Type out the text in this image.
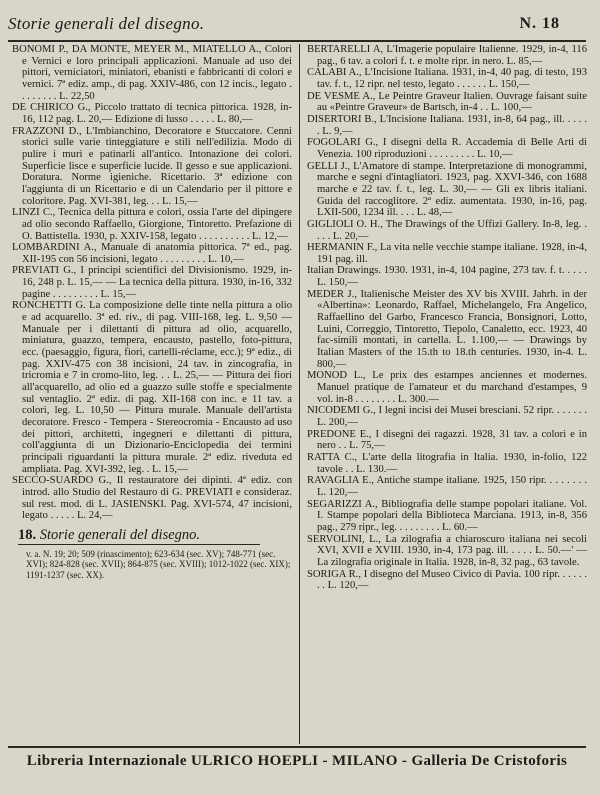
Storie generali del disegno.	N. 18
BONOMI P., DA MONTE, MEYER M., MIATELLO A., Colori e Vernici e loro principali applicazioni. Manuale ad uso dei pittori, verniciatori, miniatori, ebanisti e fabbricanti di colori e vernici. 7ª ediz. amp., di pag. XXIV-486, con 12 incis., legato . . . . . . . . L. 22,50
DE CHIRICO G., Piccolo trattato di tecnica pittorica. 1928, in-16, 112 pag. L. 20,— Edizione di lusso . . . . . L. 80,—
FRAZZONI D., L'Imbianchino, Decoratore e Stuccatore. Cenni storici sulle varie tinteggiature e stili nell'edilizia. Modo di pulire i muri e patinarli all'antico. Intonazione dei colori. Superficie lisce e superficie lucide. Il gesso e sue applicazioni. Doratura. Norme igieniche. Ricettario. 3ª edizione con l'aggiunta di un Ricettario e di un Calendario per il pittore e coloritore. Pag. XVI-381, leg. . . L. 15,—
LINZI C., Tecnica della pittura e colori, ossia l'arte del dipingere ad olio secondo Raffaello, Giorgione, Tintoretto. Prefazione di O. Battistella. 1930, p. XXIV-158, legato . . . . . . . . . . L. 12,—
LOMBARDINI A., Manuale di anatomia pittorica. 7ª ed., pag. XII-195 con 56 incisioni, legato . . . . . . . . . L. 10,—
PREVIATI G., I principi scientifici del Divisionismo. 1929, in-16, 248 p. L. 15,— — La tecnica della pittura. 1930, in-16, 332 pagine . . . . . . . . . L. 15,—
RONCHETTI G. La composizione delle tinte nella pittura a olio e ad acquarello. 3ª ed. riv., di pag. VIII-168, leg. L. 9,50 — Manuale per i dilettanti di pittura ad olio, acquarello, miniatura, guazzo, tempera, encausto, pastello, foto-pittura, ecc. (paesaggio, figura, fiori, cartelli-réclame, ecc.); 9ª ediz., di pag. XXIV-475 con 38 incisioni, 24 tav. in zincografia, in tricromia e 7 in cromo-lito, leg. . . L. 25,— — Pittura dei fiori all'acquarello, ad olio ed a guazzo sulle stoffe e specialmente sul ventaglio. 2ª ediz. di pag. XII-168 con inc. e 11 tav. a colori, leg. L. 10,50 — Pittura murale. Manuale dell'artista decoratore. Fresco - Tempera - Stereocromia - Encausto ad uso dei pittori, architetti, ingegneri e dilettanti di pittura, coll'aggiunta di un Dizionario-Enciclopedia dei termini principali riguardanti la pittura murale. 2ª ediz. riveduta ed ampliata. Pag. XVI-392, leg. . L. 15,—
SECCO-SUARDO G., Il restauratore dei dipinti. 4ª ediz. con introd. allo Studio del Restauro di G. PREVIATI e consideraz. sul rest. mod. di L. JASIENSKI. Pag. XVI-574, 47 incisioni, legato . . . . . L. 24,—
18. Storie generali del disegno.
v. a. N. 19; 20; 509 (rinascimento); 623-634 (sec. XV); 748-771 (sec. XVI); 824-828 (sec. XVII); 864-875 (sec. XVIII); 1012-1022 (sec. XIX); 1191-1237 (sec. XX).
BERTARELLI A, L'Imagerie populaire Italienne. 1929, in-4, 116 pag., 6 tav. a colori f. t. e molte ripr. in nero. L. 85,—
CALABI A., L'Incisione Italiana. 1931, in-4, 40 pag. di testo, 193 tav. f. t., 12 ripr. nel testo, legato . . . . . . L. 150,—
DE VESME A., Le Peintre Graveur Italien. Ouvrage faisant suite au «Peintre Graveur» de Bartsch, in-4 . . L. 100,—
DISERTORI B., L'Incisione Italiana. 1931, in-8, 64 pag., ill. . . . . . L. 9,—
FOGOLARI G., I disegni della R. Accademia di Belle Arti di Venezia. 100 riproduzioni . . . . . . . . . L. 10,—
GELLI J., L'Amatore di stampe. Interpretazione di monogrammi, marche e segni d'intagliatori. 1923, pag. XXVI-346, con 1688 marche e 22 tav. f. t., leg. L. 30,— — Gli ex libris italiani. Guida del raccoglitore. 2ª ediz. aumentata. 1930, in-16, pag. LXII-500, 1234 ill. . . . L. 48,—
GIGLIOLI O. H., The Drawings of the Uffizi Gallery. In-8, leg. . . . . L. 20,—
HERMANIN F., La vita nelle vecchie stampe italiane. 1928, in-4, 191 pag. ill.
Italian Drawings. 1930. 1931, in-4, 104 pagine, 273 tav. f. t. . . . . L. 150,—
MEDER J., Italienische Meister des XV bis XVIII. Jahrh. in der «Albertina»: Leonardo, Raffael, Michelangelo, Fra Angelico, Raffaellino del Garbo, Francesco Francia, Bonsignori, Lotto, Luini, Correggio, Tintoretto, Tiepolo, Canaletto, ecc. 1923, 40 fac-simili montati, in cartella. L. 1.100,— — Drawings by Italian Masters of the 15.th to 18.th centuries. 1930, in-4. L. 800,—
MONOD L., Le prix des estampes anciennes et modernes. Manuel pratique de l'amateur et du marchand d'estampes, 9 vol. in-8 . . . . . . . . L. 300.—
NICODEMI G., I legni incisi dei Musei bresciani. 52 ripr. . . . . . . L. 200,—
PREDONE E., I disegni dei ragazzi. 1928, 31 tav. a colori e in nero . . L. 75,—
RATTA C., L'arte della litografia in Italia. 1930, in-folio, 122 tavole . . L. 130.—
RAVAGLIA E., Antiche stampe italiane. 1925, 150 ripr. . . . . . . . L. 120,—
SEGARIZZI A., Bibliografia delle stampe popolari italiane. Vol. I. Stampe popolari della Biblioteca Marciana. 1913, in-8, 356 pag., 279 ripr., leg. . . . . . . . . L. 60.—
SERVOLINI, L., La zilografia a chiaroscuro italiana nei secoli XVI, XVII e XVIII. 1930, in-4, 173 pag. ill. . . . . L. 50.—' — La zilografia originale in Italia. 1928, in-8, 32 pag., 63 tavole.
SORIGA R., I disegno del Museo Civico di Pavia. 100 ripr. . . . . . . . L. 120,—
Libreria Internazionale ULRICO HOEPLI - MILANO - Galleria De Cristoforis
